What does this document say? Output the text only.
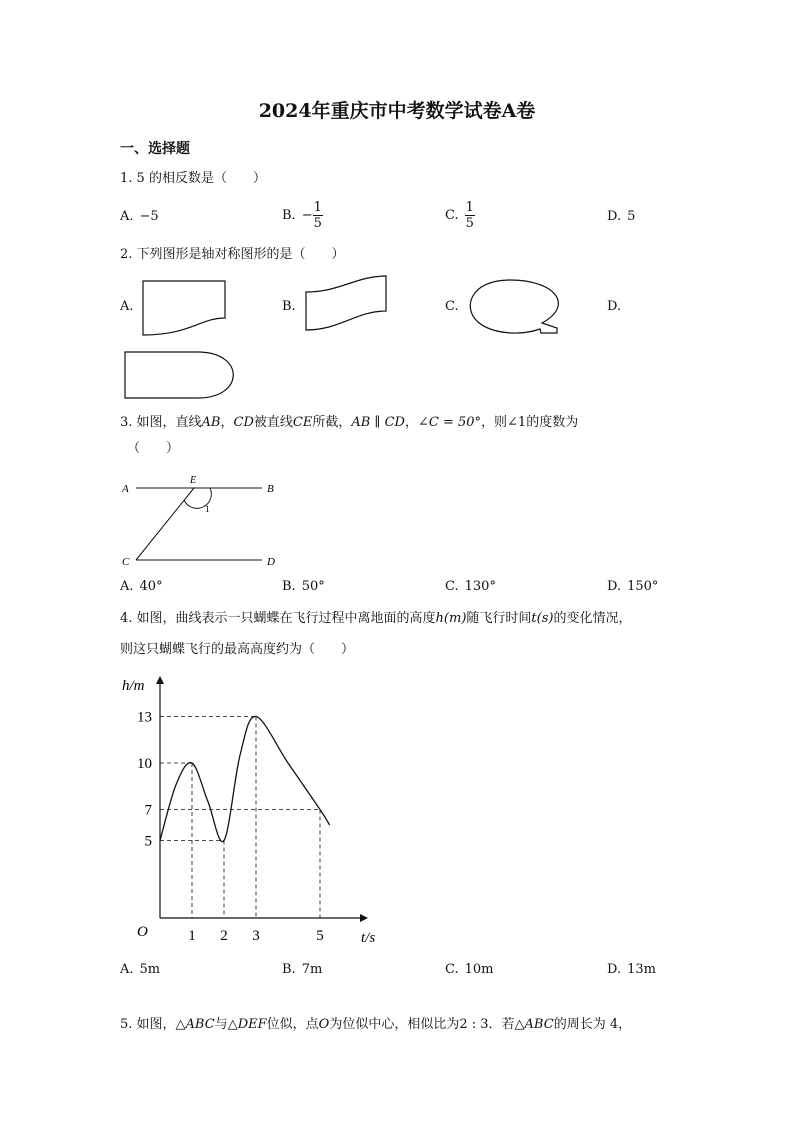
2024年重庆市中考数学试卷A卷
一、选择题
1. 5 的相反数是（　　）
A. −5	B. − $\frac{1}{5}$	C. $\frac{1}{5}$	D. 5
2. 下列图形是轴对称图形的是（　　）
A.	B.	C.	D.
3. 如图，直线AB，CD被直线CE所截，AB ∥ CD，∠C = 50°，则∠1的度数为
（　　）
A	B
C	D
E
1
A. 40°	B. 50°	C. 130°	D. 150°
4. 如图，曲线表示一只蝴蝶在飞行过程中离地面的高度h(m)随飞行时间t(s)的变化情况，
则这只蝴蝶飞行的最高高度约为（　　）
1 2 3	5
5
7
10
13
h/m
t/s
O
A. 5m	B. 7m	C. 10m	D. 13m
5. 如图，△ABC与△DEF位似，点O为位似中心，相似比为2 : 3．若△ABC的周长为 4，
